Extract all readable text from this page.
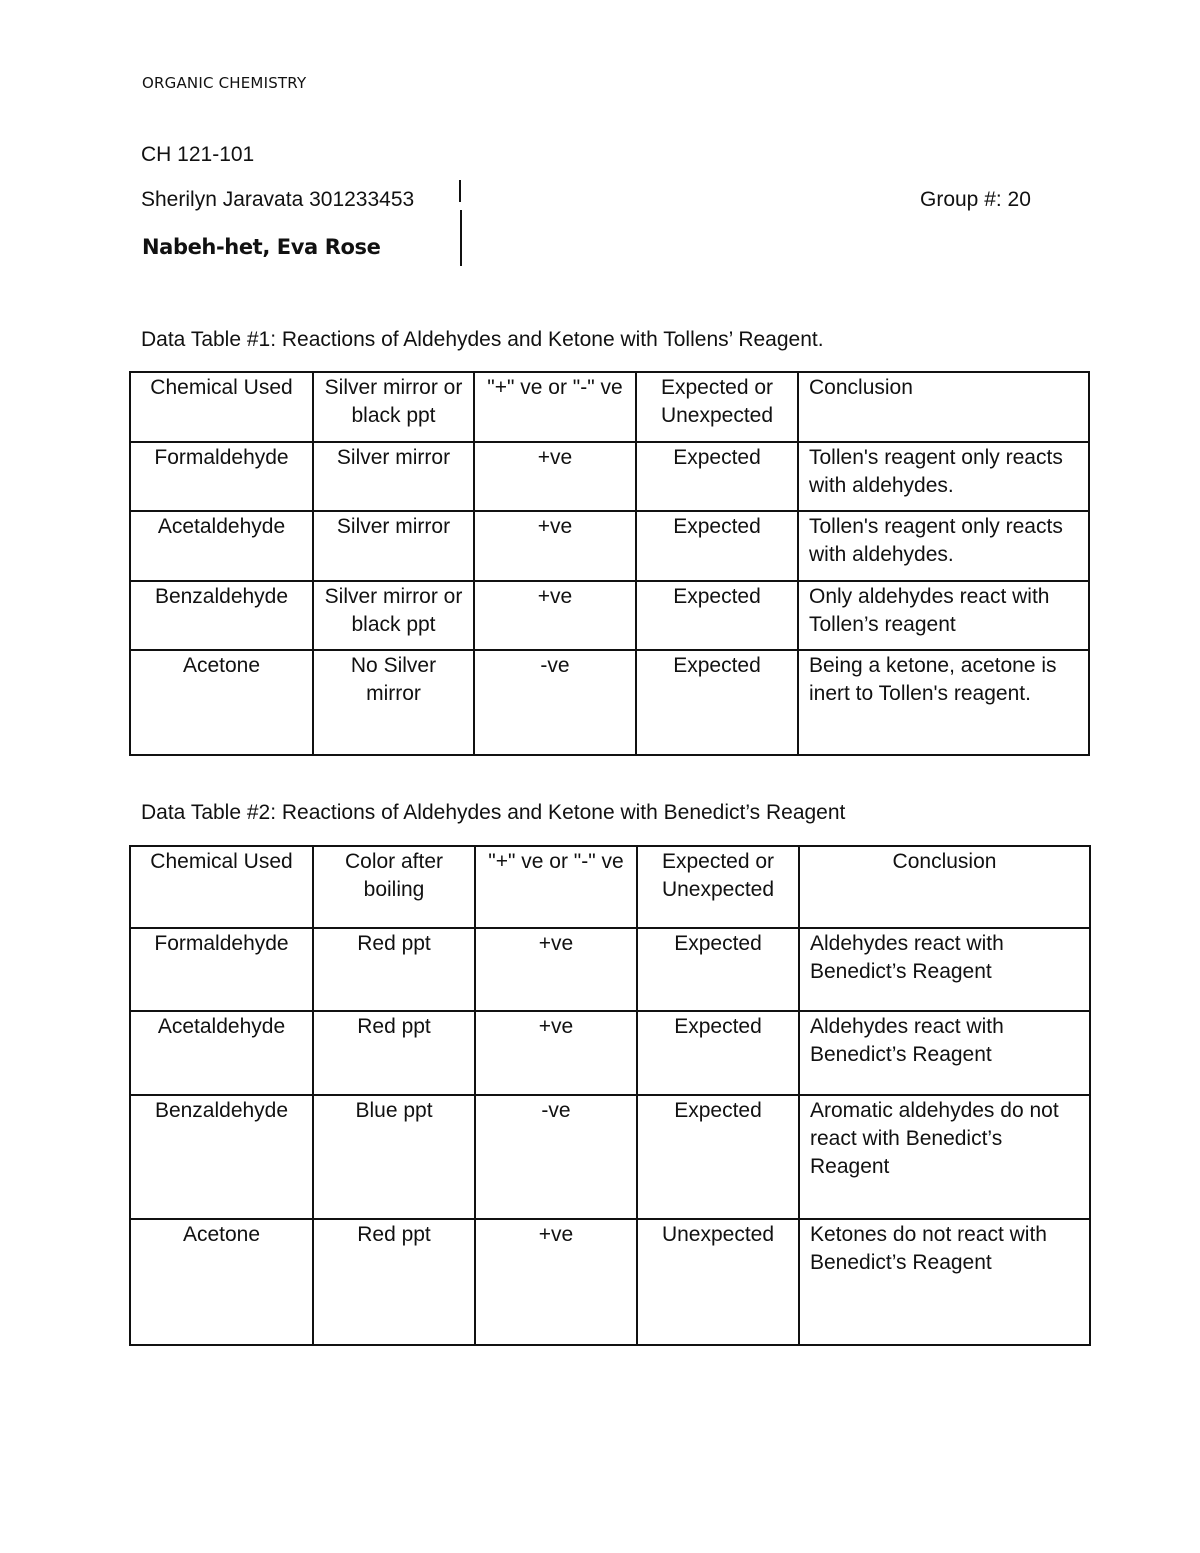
ORGANIC CHEMISTRY
CH 121-101
Sherilyn Jaravata 301233453	Group #: 20
Nabeh-het, Eva Rose
Data Table #1: Reactions of Aldehydes and Ketone with Tollens’ Reagent.
Chemical Used	Silver mirror or black ppt	"+" ve or "-" ve	Expected or Unexpected	Conclusion
Formaldehyde	Silver mirror	+ve	Expected	Tollen's reagent only reacts with aldehydes.
Acetaldehyde	Silver mirror	+ve	Expected	Tollen's reagent only reacts with aldehydes.
Benzaldehyde	Silver mirror or black ppt	+ve	Expected	Only aldehydes react with Tollen’s reagent
Acetone	No Silver mirror	-ve	Expected	Being a ketone, acetone is inert to Tollen's reagent.
Data Table #2: Reactions of Aldehydes and Ketone with Benedict’s Reagent
Chemical Used	Color after boiling	"+" ve or "-" ve	Expected or Unexpected	Conclusion
Formaldehyde	Red ppt	+ve	Expected	Aldehydes react with Benedict’s Reagent
Acetaldehyde	Red ppt	+ve	Expected	Aldehydes react with Benedict’s Reagent
Benzaldehyde	Blue ppt	-ve	Expected	Aromatic aldehydes do not react with Benedict’s Reagent
Acetone	Red ppt	+ve	Unexpected	Ketones do not react with Benedict’s Reagent
